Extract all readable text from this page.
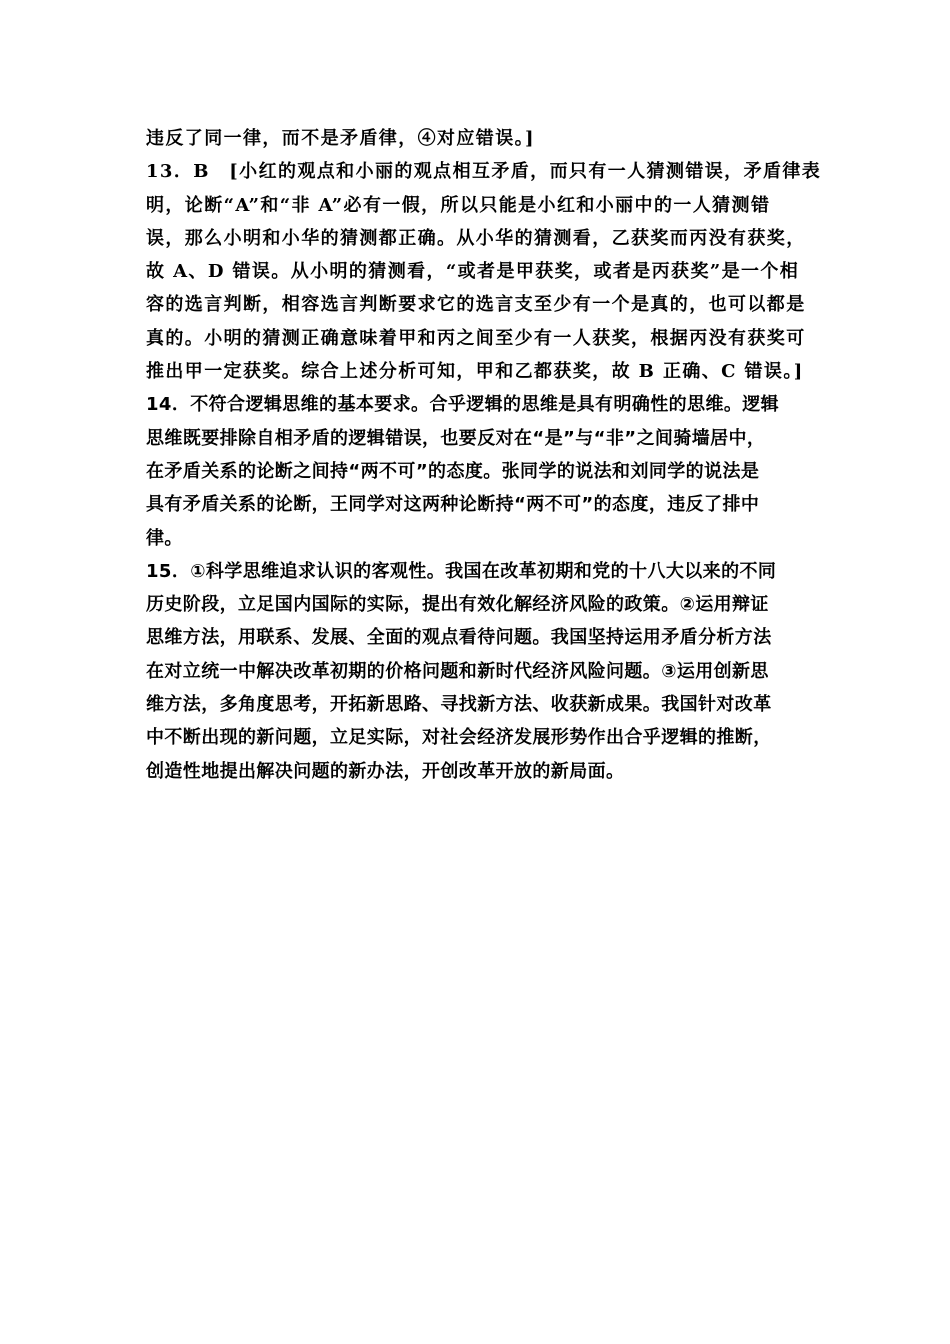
违反了同一律，而不是矛盾律，④对应错误。]
13．B　[小红的观点和小丽的观点相互矛盾，而只有一人猜测错误，矛盾律表
明，论断“A”和“非 A”必有一假，所以只能是小红和小丽中的一人猜测错
误，那么小明和小华的猜测都正确。从小华的猜测看，乙获奖而丙没有获奖，
故 A、D 错误。从小明的猜测看，“或者是甲获奖，或者是丙获奖”是一个相
容的选言判断，相容选言判断要求它的选言支至少有一个是真的，也可以都是
真的。小明的猜测正确意味着甲和丙之间至少有一人获奖，根据丙没有获奖可
推出甲一定获奖。综合上述分析可知，甲和乙都获奖，故 B 正确、C 错误。]
14．不符合逻辑思维的基本要求。合乎逻辑的思维是具有明确性的思维。逻辑
思维既要排除自相矛盾的逻辑错误，也要反对在“是”与“非”之间骑墙居中，
在矛盾关系的论断之间持“两不可”的态度。张同学的说法和刘同学的说法是
具有矛盾关系的论断，王同学对这两种论断持“两不可”的态度，违反了排中
律。
15．①科学思维追求认识的客观性。我国在改革初期和党的十八大以来的不同
历史阶段，立足国内国际的实际，提出有效化解经济风险的政策。②运用辩证
思维方法，用联系、发展、全面的观点看待问题。我国坚持运用矛盾分析方法
在对立统一中解决改革初期的价格问题和新时代经济风险问题。③运用创新思
维方法，多角度思考，开拓新思路、寻找新方法、收获新成果。我国针对改革
中不断出现的新问题，立足实际，对社会经济发展形势作出合乎逻辑的推断，
创造性地提出解决问题的新办法，开创改革开放的新局面。
